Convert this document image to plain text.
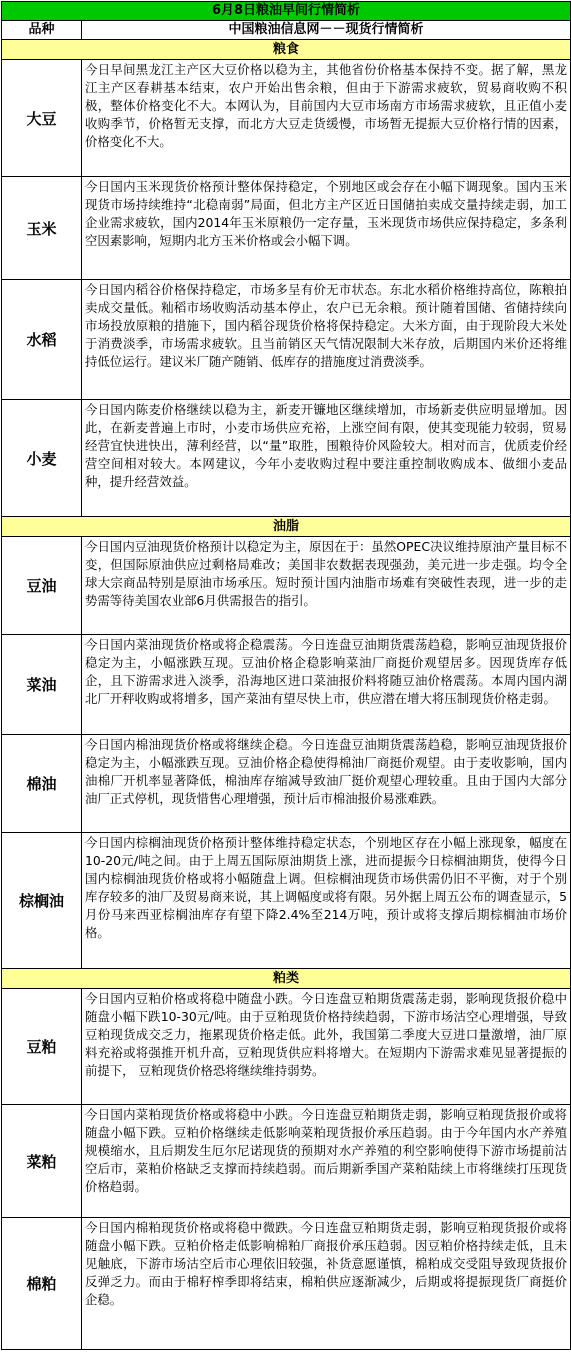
6月8日粮油早间行情简析	
品种	中国粮油信息网－－现货行情简析
粮食	
大豆	今日早间黑龙江主产区大豆价格以稳为主，其他省份价格基本保持不变。据了解，黑龙江主产区春耕基本结束，农户开始出售余粮，但由于下游需求疲软，贸易商收购不积极，整体价格变化不大。本网认为，目前国内大豆市场南方市场需求疲软，且正值小麦收购季节，价格暂无支撑，而北方大豆走货缓慢，市场暂无提振大豆价格行情的因素，价格变化不大。
玉米	今日国内玉米现货价格预计整体保持稳定，个别地区或会存在小幅下调现象。国内玉米现货市场持续维持“北稳南弱”局面，但北方主产区近日国储拍卖成交量持续走弱，加工企业需求疲软，国内2014年玉米原粮仍一定存量，玉米现货市场供应保持稳定，多条利空因素影响，短期内北方玉米价格或会小幅下调。
水稻	今日国内稻谷价格保持稳定，市场多呈有价无市状态。东北水稻价格维持高位，陈粮拍卖成交量低。籼稻市场收购活动基本停止，农户已无余粮。预计随着国储、省储持续向市场投放原粮的措施下，国内稻谷现货价格将保持稳定。大米方面，由于现阶段大米处于消费淡季，市场需求疲软。且当前销区天气情况限制大米存放，后期国内米价还将维持低位运行。建议米厂随产随销、低库存的措施度过消费淡季。
小麦	今日国内陈麦价格继续以稳为主，新麦开镰地区继续增加，市场新麦供应明显增加。因此，在新麦普遍上市时，小麦市场供应充裕，上涨空间有限，使其变现能力较弱，贸易经营宜快进快出，薄利经营，以“量”取胜，围粮待价风险较大。相对而言，优质麦价经营空间相对较大。本网建议，今年小麦收购过程中要注重控制收购成本、做细小麦品种，提升经营效益。
油脂	
豆油	今日国内豆油现货价格预计以稳定为主，原因在于：虽然OPEC决议维持原油产量目标不变，但国际原油供应过剩格局难改；美国非农数据表现强劲，美元进一步走强。均令全球大宗商品特别是原油市场承压。短时预计国内油脂市场难有突破性表现，进一步的走势需等待美国农业部6月供需报告的指引。
菜油	今日国内菜油现货价格或将企稳震荡。今日连盘豆油期货震荡趋稳，影响豆油现货报价稳定为主，小幅涨跌互现。豆油价格企稳影响菜油厂商挺价观望居多。因现货库存低企，且下游需求进入淡季，沿海地区进口菜油报价料将随豆油价格震荡。本周内国内湖北厂开秤收购或将增多，国产菜油有望尽快上市，供应潜在增大将压制现货价格走弱。
棉油	今日国内棉油现货价格或将继续企稳。今日连盘豆油期货震荡趋稳，影响豆油现货报价稳定为主，小幅涨跌互现。豆油价格企稳使得棉油厂商挺价观望。由于麦收影响，国内油棉厂开机率显著降低，棉油库存缩减导致油厂挺价观望心理较重。且由于国内大部分油厂正式停机，现货惜售心理增强，预计后市棉油报价易涨难跌。
棕榈油	今日国内棕榈油现货价格预计整体维持稳定状态，个别地区存在小幅上涨现象，幅度在10-20元/吨之间。由于上周五国际原油期货上涨，进而提振今日棕榈油期货，使得今日国内棕榈油现货价格或将小幅随盘上调。但棕榈油现货市场供需仍旧不平衡，对于个别库存较多的油厂及贸易商来说，其上调幅度或将有限。另外据上周五公布的调查显示，5月份马来西亚棕榈油库存有望下降2.4%至214万吨，预计或将支撑后期棕榈油市场价格。
粕类	
豆粕	今日国内豆粕价格或将稳中随盘小跌。今日连盘豆粕期货震荡走弱，影响现货报价稳中随盘小幅下跌10-30元/吨。由于豆粕现货价格持续趋弱，下游市场沽空心理增强，导致豆粕现货成交乏力，拖累现货价格走低。此外，我国第二季度大豆进口量激增，油厂原料充裕或将强推开机升高，豆粕现货供应料将增大。在短期内下游需求难见显著提振的前提下， 豆粕现货价格恐将继续维持弱势。
菜粕	今日国内菜粕现货价格或将稳中小跌。今日连盘豆粕期货走弱，影响豆粕现货报价或将随盘小幅下跌。豆粕价格继续走低影响菜粕现货报价承压趋弱。由于今年国内水产养殖规模缩水，且后期发生厄尔尼诺现货的预期对水产养殖的利空影响使得下游市场提前沽空后市，菜粕价格缺乏支撑而持续趋弱。而后期新季国产菜粕陆续上市将继续打压现货价格趋弱。
棉粕	今日国内棉粕现货价格或将稳中微跌。今日连盘豆粕期货走弱，影响豆粕现货报价或将随盘小幅下跌。豆粕价格走低影响棉粕厂商报价承压趋弱。因豆粕价格持续走低，且未见触底，下游市场沽空后市心理依旧较强，补货意愿谨慎，棉粕成交受阻导致现货报价反弹乏力。而由于棉籽榨季即将结束，棉粕供应逐渐减少，后期或将提振现货厂商挺价企稳。
